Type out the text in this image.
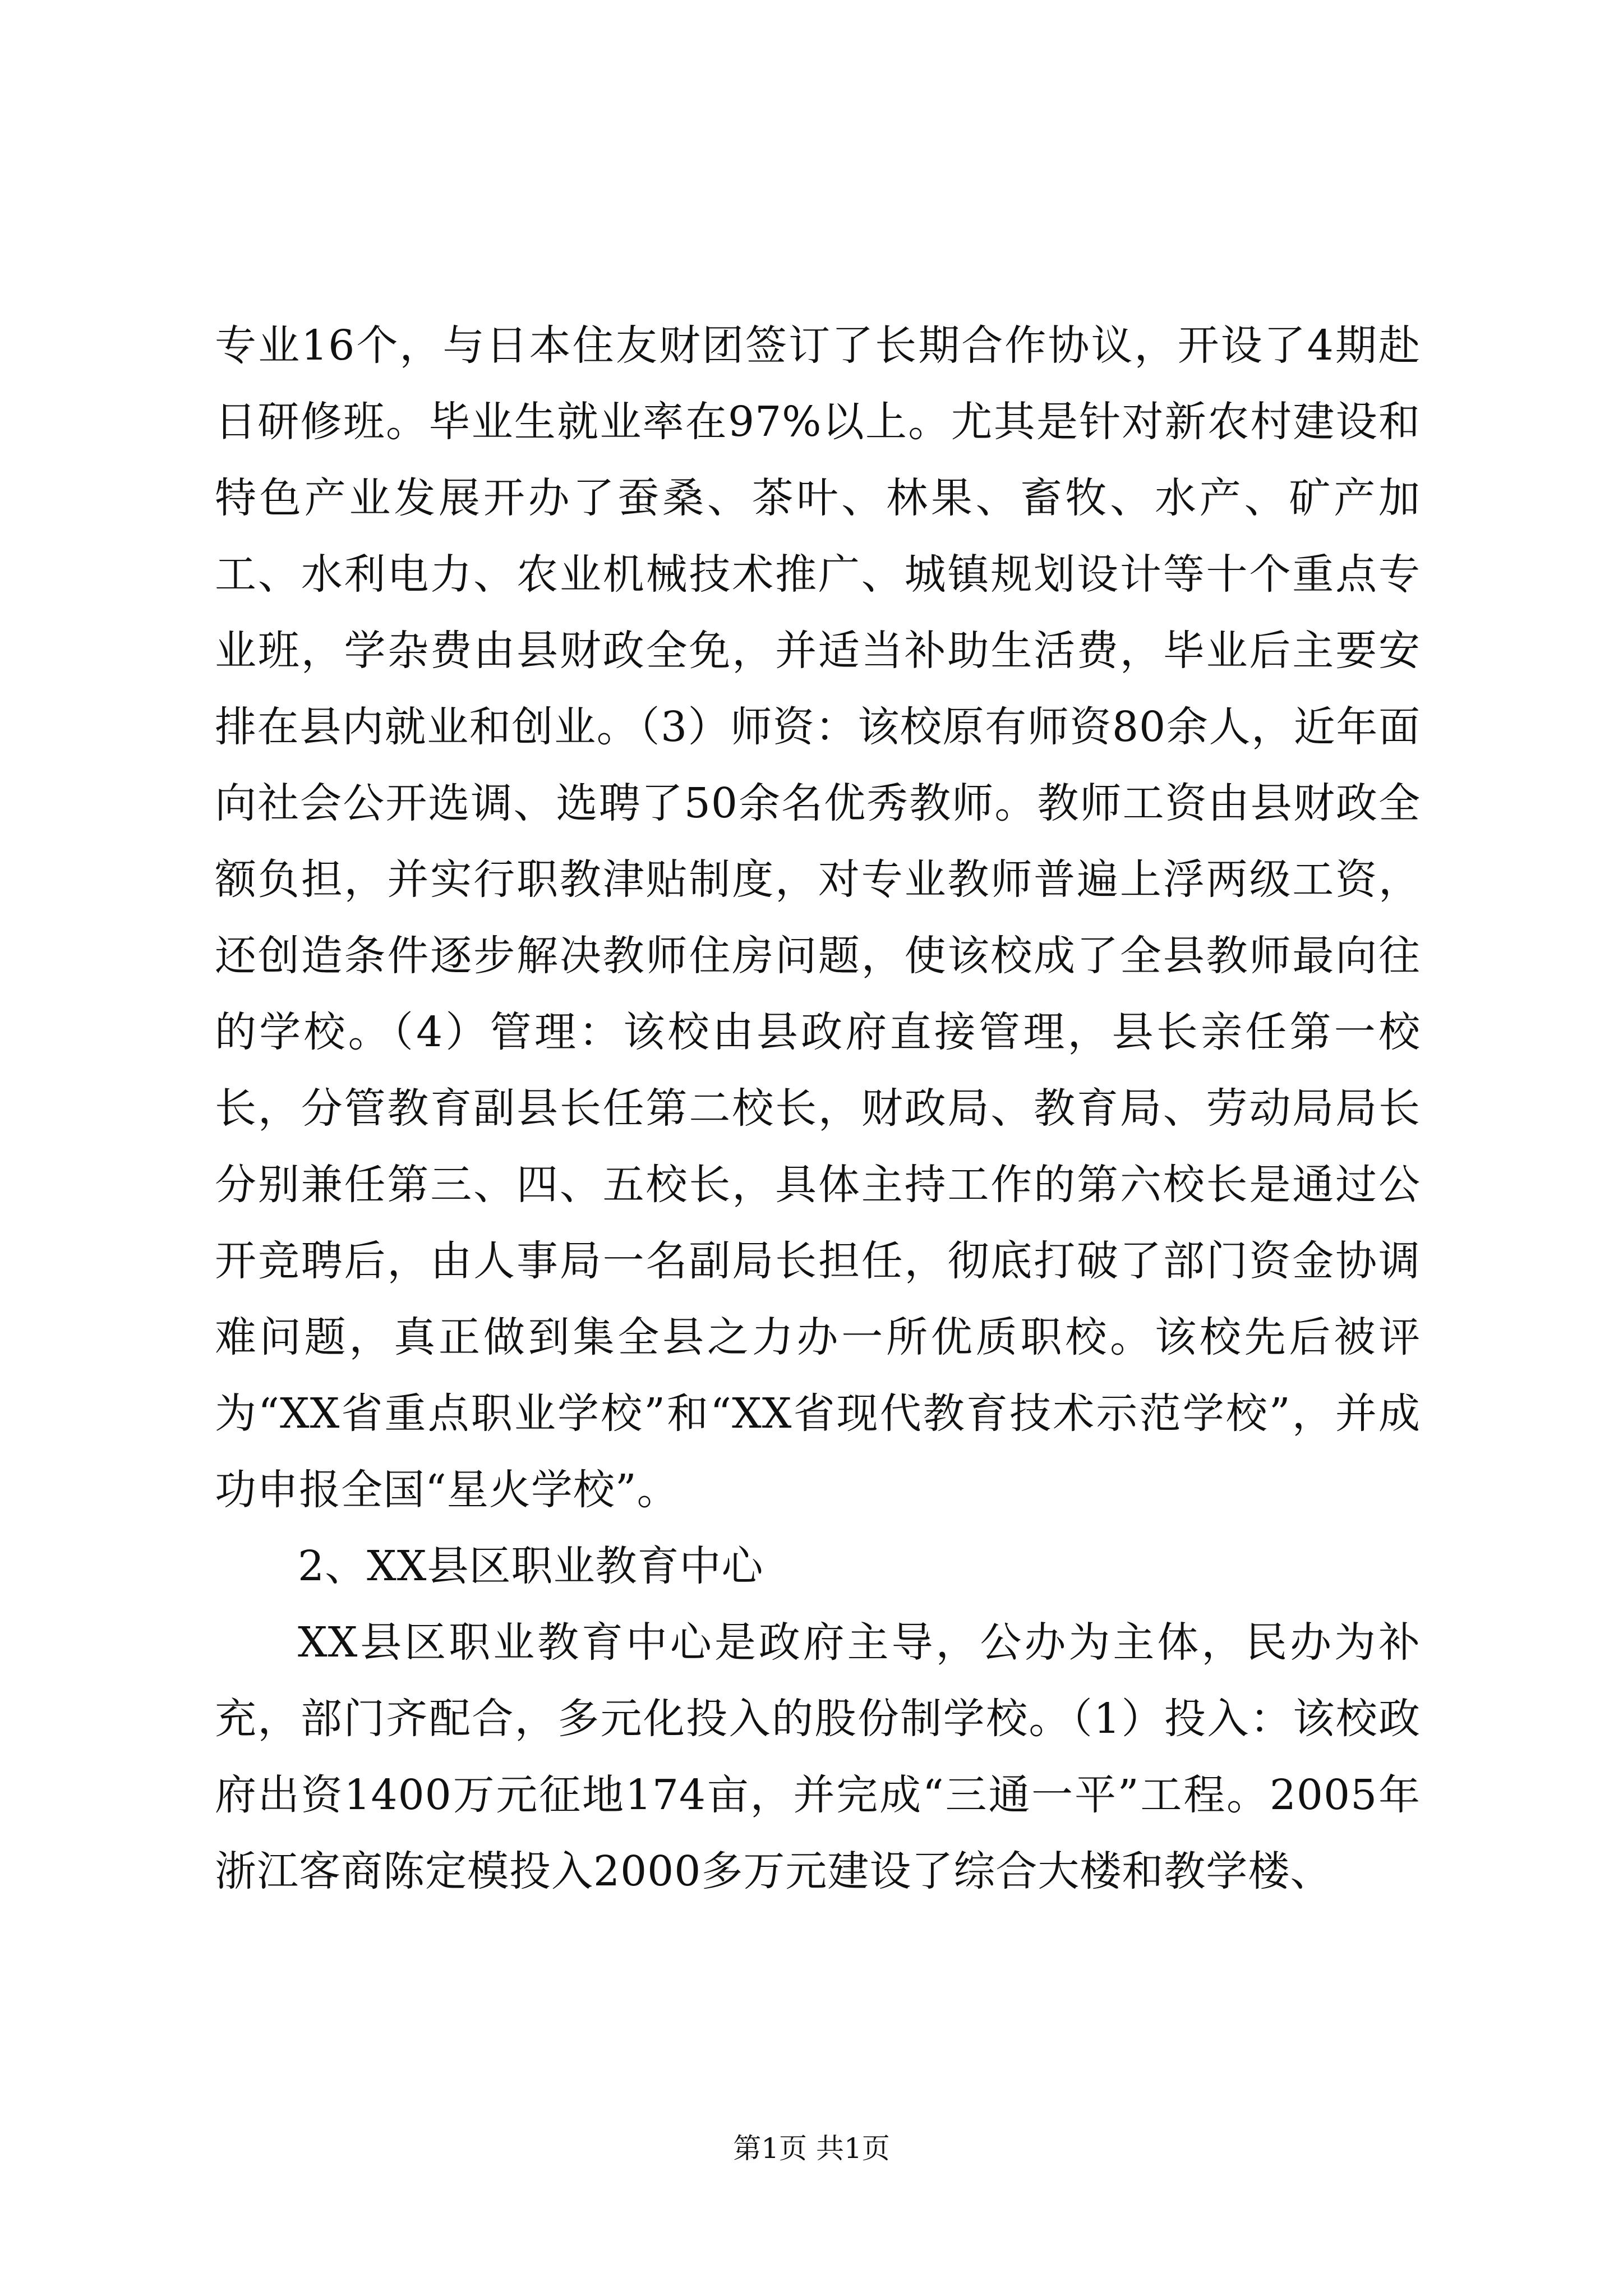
专业16个，与日本住友财团签订了长期合作协议，开设了4期赴日研修班。毕业生就业率在97%以上。尤其是针对新农村建设和特色产业发展开办了蚕桑、茶叶、林果、畜牧、水产、矿产加工、水利电力、农业机械技术推广、城镇规划设计等十个重点专业班，学杂费由县财政全免，并适当补助生活费，毕业后主要安排在县内就业和创业。（3）师资：该校原有师资80余人，近年面向社会公开选调、选聘了50余名优秀教师。教师工资由县财政全额负担，并实行职教津贴制度，对专业教师普遍上浮两级工资，还创造条件逐步解决教师住房问题，使该校成了全县教师最向往的学校。（4）管理：该校由县政府直接管理，县长亲任第一校长，分管教育副县长任第二校长，财政局、教育局、劳动局局长分别兼任第三、四、五校长，具体主持工作的第六校长是通过公开竞聘后，由人事局一名副局长担任，彻底打破了部门资金协调难问题，真正做到集全县之力办一所优质职校。该校先后被评为“XX省重点职业学校”和“XX省现代教育技术示范学校”，并成功申报全国“星火学校”。

2、XX县区职业教育中心

XX县区职业教育中心是政府主导，公办为主体，民办为补充，部门齐配合，多元化投入的股份制学校。（1）投入：该校政府出资1400万元征地174亩，并完成“三通一平”工程。2005年浙江客商陈定模投入2000多万元建设了综合大楼和教学楼、

第1页 共1页
